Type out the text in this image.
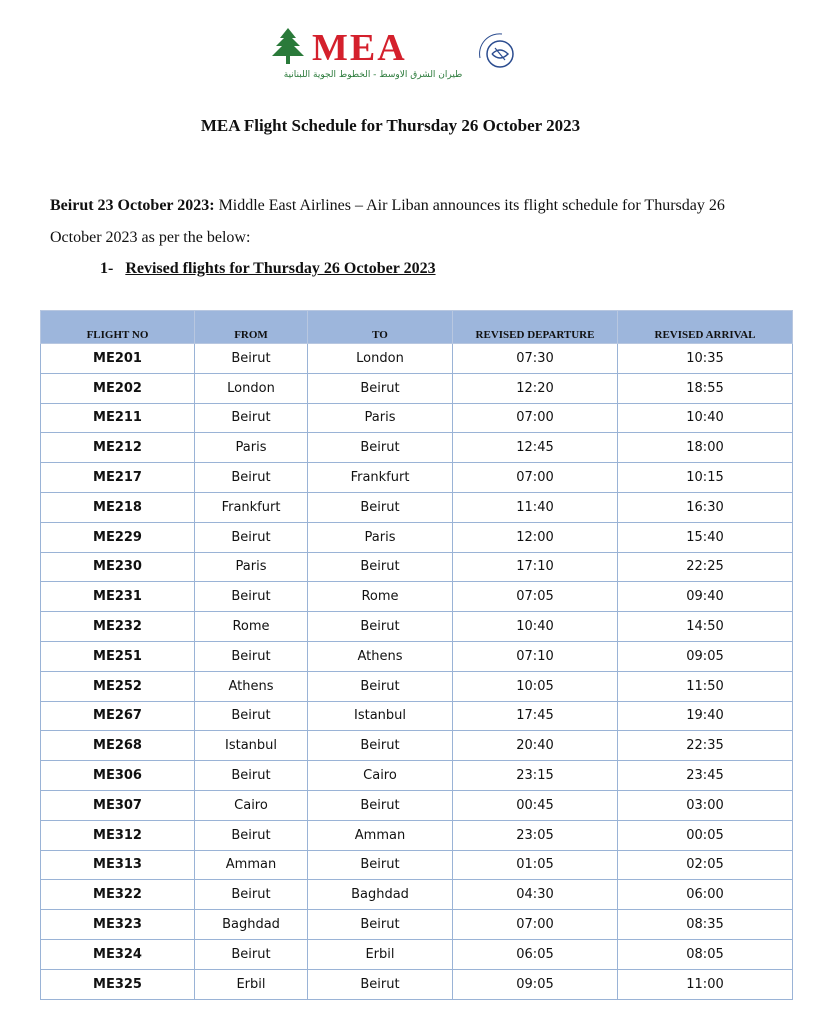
MEA
طيران الشرق الأوسط - الخطوط الجوية اللبنانية
MEA Flight Schedule for Thursday 26 October 2023
Beirut 23 October 2023: Middle East Airlines – Air Liban announces its flight schedule for Thursday 26 October 2023 as per the below:
1- Revised flights for Thursday 26 October 2023
FLIGHT NO	FROM	TO	REVISED DEPARTURE	REVISED ARRIVAL
ME201	Beirut	London	07:30	10:35
ME202	London	Beirut	12:20	18:55
ME211	Beirut	Paris	07:00	10:40
ME212	Paris	Beirut	12:45	18:00
ME217	Beirut	Frankfurt	07:00	10:15
ME218	Frankfurt	Beirut	11:40	16:30
ME229	Beirut	Paris	12:00	15:40
ME230	Paris	Beirut	17:10	22:25
ME231	Beirut	Rome	07:05	09:40
ME232	Rome	Beirut	10:40	14:50
ME251	Beirut	Athens	07:10	09:05
ME252	Athens	Beirut	10:05	11:50
ME267	Beirut	Istanbul	17:45	19:40
ME268	Istanbul	Beirut	20:40	22:35
ME306	Beirut	Cairo	23:15	23:45
ME307	Cairo	Beirut	00:45	03:00
ME312	Beirut	Amman	23:05	00:05
ME313	Amman	Beirut	01:05	02:05
ME322	Beirut	Baghdad	04:30	06:00
ME323	Baghdad	Beirut	07:00	08:35
ME324	Beirut	Erbil	06:05	08:05
ME325	Erbil	Beirut	09:05	11:00
